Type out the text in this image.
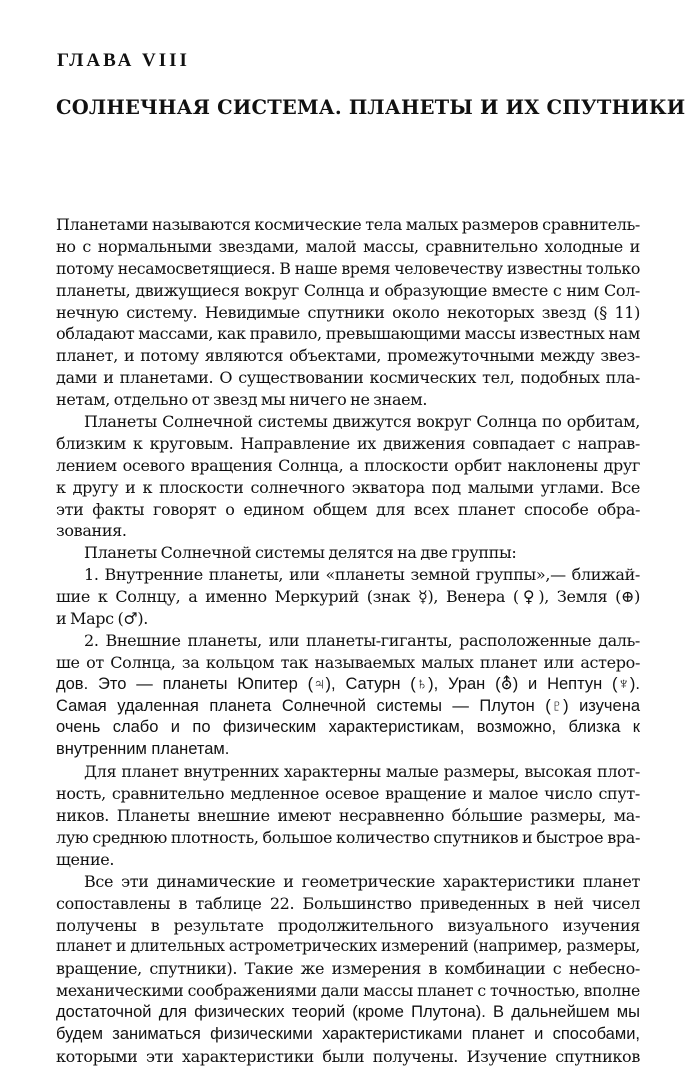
ГЛАВА VIII
СОЛНЕЧНАЯ СИСТЕМА. ПЛАНЕТЫ И ИХ СПУТНИКИ
Планетами называются космические тела малых размеров сравнитель-
но с нормальными звездами, малой массы, сравнительно холодные и
потому несамосветящиеся. В наше время человечеству известны только
планеты, движущиеся вокруг Солнца и образующие вместе с ним Сол-
нечную систему. Невидимые спутники около некоторых звезд (§ 11)
обладают массами, как правило, превышающими массы известных нам
планет, и потому являются объектами, промежуточными между звез-
дами и планетами. О существовании космических тел, подобных пла-
нетам, отдельно от звезд мы ничего не знаем.
Планеты Солнечной системы движутся вокруг Солнца по орбитам,
близким к круговым. Направление их движения совпадает с направ-
лением осевого вращения Солнца, а плоскости орбит наклонены друг
к другу и к плоскости солнечного экватора под малыми углами. Все
эти факты говорят о едином общем для всех планет способе обра-
зования.
Планеты Солнечной системы делятся на две группы:
1. Внутренние планеты, или «планеты земной группы»,— ближай-
шие к Солнцу, а именно Меркурий (знак ☿), Венера (♀), Земля (⊕)
и Марс (♂).
2. Внешние планеты, или планеты-гиганты, расположенные даль-
ше от Солнца, за кольцом так называемых малых планет или астеро-
дов. Это — планеты Юпитер (♃), Сатурн (♄), Уран (⛢) и Нептун (♆).
Самая удаленная планета Солнечной системы — Плутон (♇) изучена
очень слабо и по физическим характеристикам, возможно, близка к
внутренним планетам.
Для планет внутренних характерны малые размеры, высокая плот-
ность, сравнительно медленное осевое вращение и малое число спут-
ников. Планеты внешние имеют несравненно бóльшие размеры, ма-
лую среднюю плотность, большое количество спутников и быстрое вра-
щение.
Все эти динамические и геометрические характеристики планет
сопоставлены в таблице 22. Большинство приведенных в ней чисел
получены в результате продолжительного визуального изучения
планет и длительных астрометрических измерений (например, размеры,
вращение, спутники). Такие же измерения в комбинации с небесно-
механическими соображениями дали массы планет с точностью, вполне
достаточной для физических теорий (кроме Плутона). В дальнейшем мы
будем заниматься физическими характеристиками планет и способами,
которыми эти характеристики были получены. Изучение спутников
